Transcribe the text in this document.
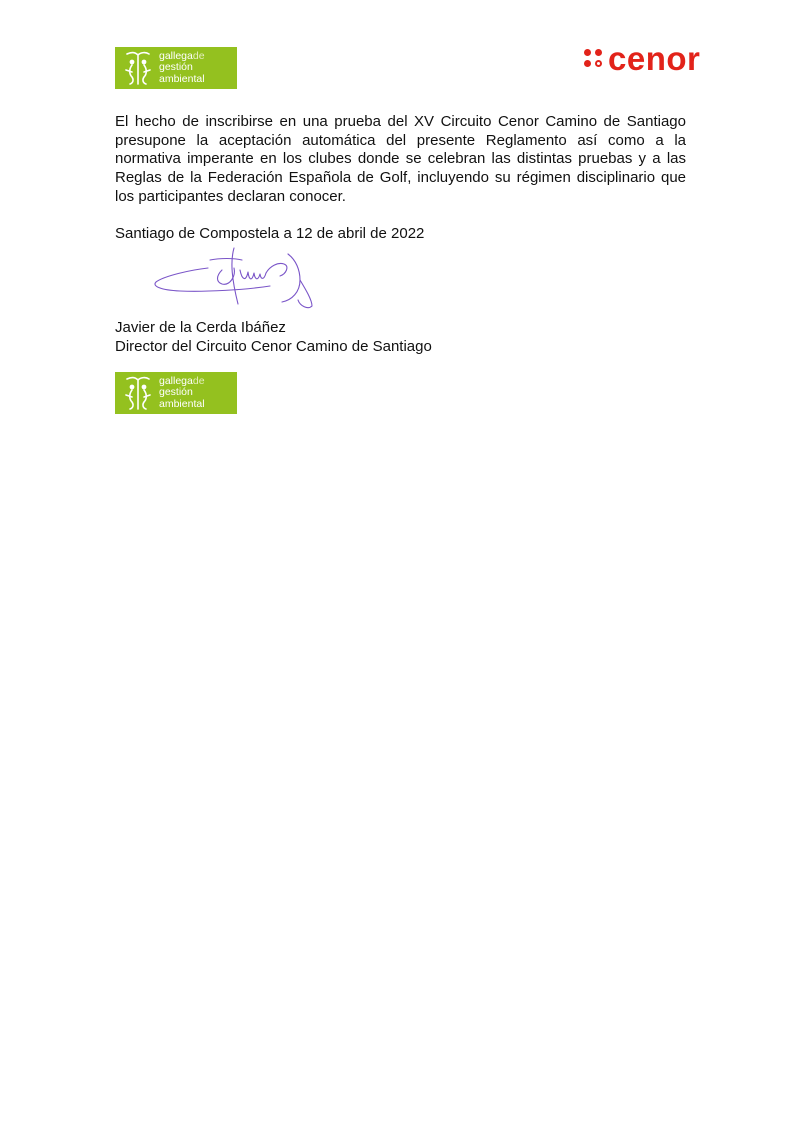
gallegade
gestión
ambiental
cenor

El hecho de inscribirse en una prueba del XV Circuito Cenor Camino de Santiago presupone la aceptación automática del presente Reglamento así como a la normativa imperante en los clubes donde se celebran las distintas pruebas y a las Reglas de la Federación Española de Golf, incluyendo su régimen disciplinario que los participantes declaran conocer.

Santiago de Compostela a 12 de abril de 2022

Javier de la Cerda Ibáñez
Director del Circuito Cenor Camino de Santiago
gallegade
gestión
ambiental
